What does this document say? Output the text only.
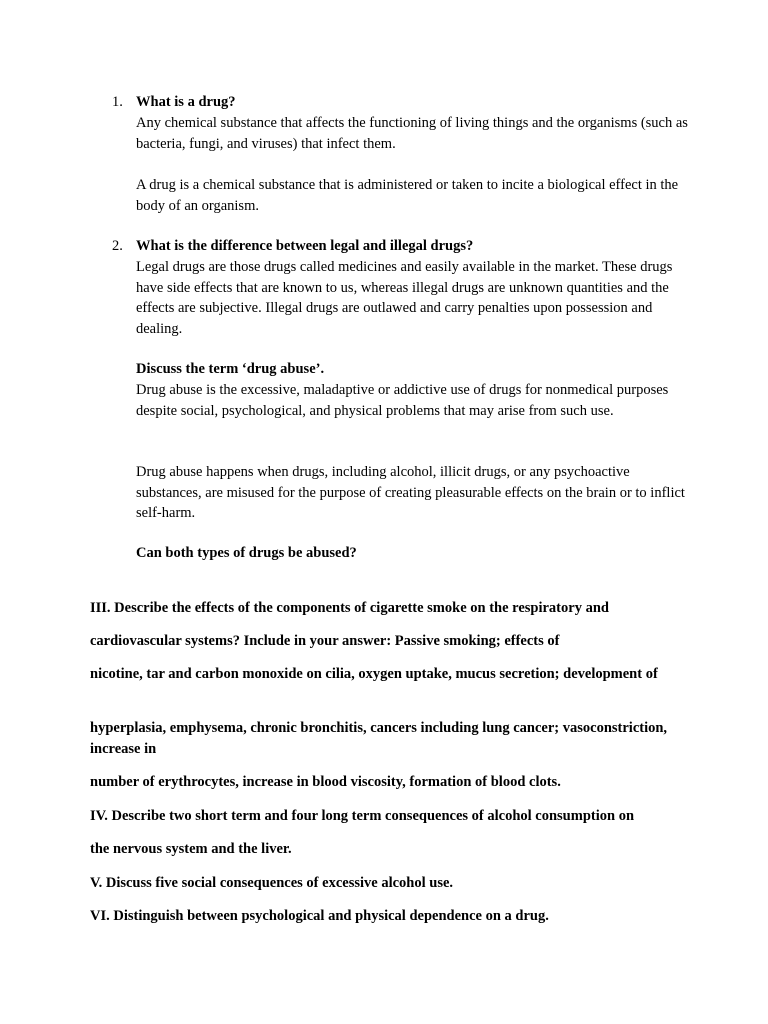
1. What is a drug?

Any chemical substance that affects the functioning of living things and the organisms (such as bacteria, fungi, and viruses) that infect them.

A drug is a chemical substance that is administered or taken to incite a biological effect in the body of an organism.

2. What is the difference between legal and illegal drugs?

Legal drugs are those drugs called medicines and easily available in the market. These drugs have side effects that are known to us, whereas illegal drugs are unknown quantities and the effects are subjective. Illegal drugs are outlawed and carry penalties upon possession and dealing.

Discuss the term ‘drug abuse’.

Drug abuse is the excessive, maladaptive or addictive use of drugs for nonmedical purposes despite social, psychological, and physical problems that may arise from such use.

Drug abuse happens when drugs, including alcohol, illicit drugs, or any psychoactive substances, are misused for the purpose of creating pleasurable effects on the brain or to inflict self-harm.

Can both types of drugs be abused?

III. Describe the effects of the components of cigarette smoke on the respiratory and

cardiovascular systems? Include in your answer: Passive smoking; effects of

nicotine, tar and carbon monoxide on cilia, oxygen uptake, mucus secretion; development of

hyperplasia, emphysema, chronic bronchitis, cancers including lung cancer; vasoconstriction, increase in

number of erythrocytes, increase in blood viscosity, formation of blood clots.

IV. Describe two short term and four long term consequences of alcohol consumption on

the nervous system and the liver.

V. Discuss five social consequences of excessive alcohol use.

VI. Distinguish between psychological and physical dependence on a drug.
